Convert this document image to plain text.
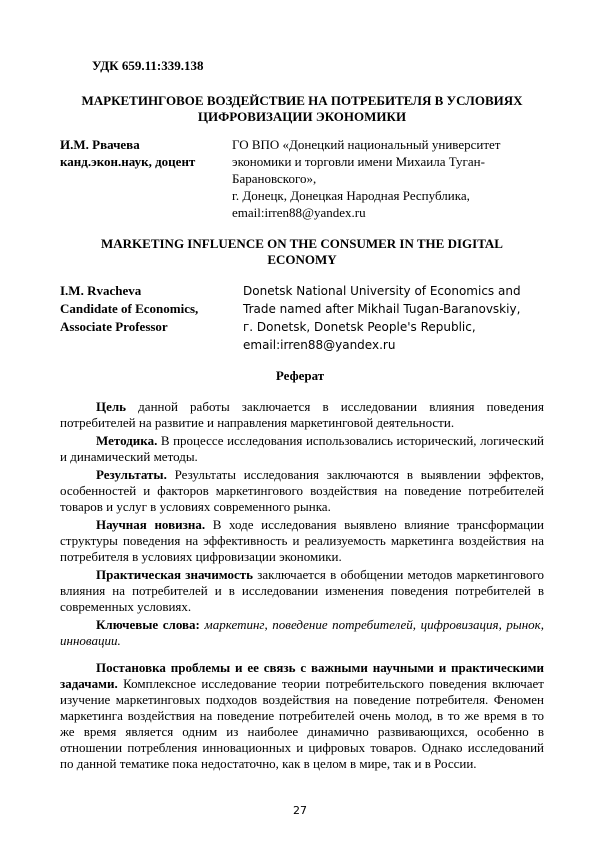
УДК 659.11:339.138
МАРКЕТИНГОВОЕ ВОЗДЕЙСТВИЕ НА ПОТРЕБИТЕЛЯ В УСЛОВИЯХ
ЦИФРОВИЗАЦИИ ЭКОНОМИКИ
И.М. Рвачева
канд.экон.наук, доцент
ГО ВПО «Донецкий национальный университет
экономики и торговли имени Михаила Туган-
Барановского»,
г. Донецк, Донецкая Народная Республика,
email:irren88@yandex.ru
MARKETING INFLUENCE ON THE CONSUMER IN THE DIGITAL
ECONOMY
I.M. Rvacheva
Candidate of Economics,
Associate Professor
Donetsk National University of Economics and
Trade named after Mikhail Tugan-Baranovskiy,
г. Donetsk, Donetsk People's Republic,
email:irren88@yandex.ru
Реферат

Цель данной работы заключается в исследовании влияния поведения потребителей на развитие и направления маркетинговой деятельности.

Методика. В процессе исследования использовались исторический, логический и динамический методы.

Результаты. Результаты исследования заключаются в выявлении эффектов, особенностей и факторов маркетингового воздействия на поведение потребителей товаров и услуг в условиях современного рынка.

Научная новизна. В ходе исследования выявлено влияние трансформации структуры поведения на эффективность и реализуемость маркетинга воздействия на потребителя в условиях цифровизации экономики.

Практическая значимость заключается в обобщении методов маркетингового влияния на потребителей и в исследовании изменения поведения потребителей в современных условиях.

Ключевые слова: маркетинг, поведение потребителей, цифровизация, рынок, инновации.

Постановка проблемы и ее связь с важными научными и практическими задачами. Комплексное исследование теории потребительского поведения включает изучение маркетинговых подходов воздействия на поведение потребителя. Феномен маркетинга воздействия на поведение потребителей очень молод, в то же время в то же время является одним из наиболее динамично развивающихся, особенно в отношении потребления инновационных и цифровых товаров. Однако исследований по данной тематике пока недостаточно, как в целом в мире, так и в России.

27
